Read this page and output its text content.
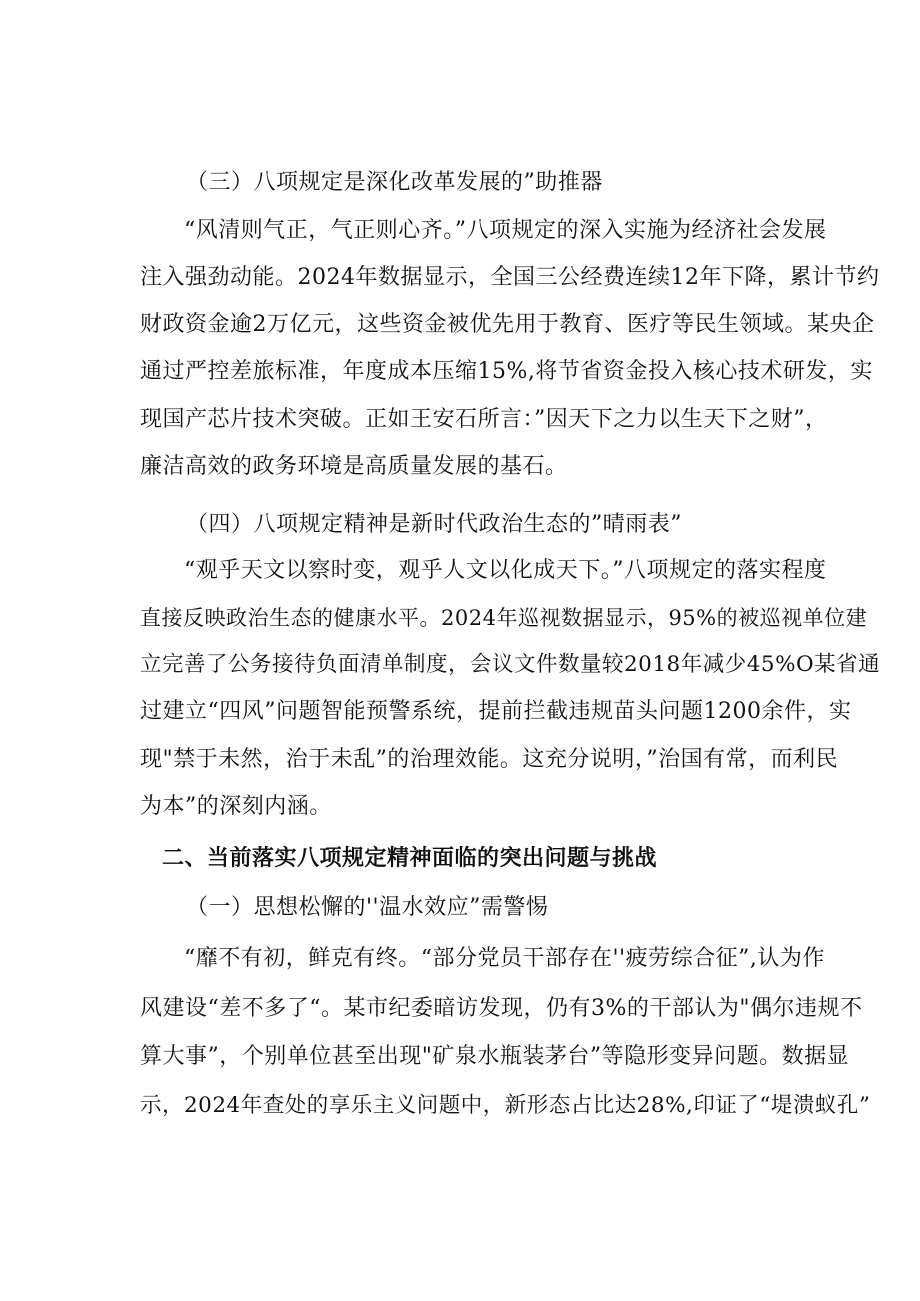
（三）八项规定是深化改革发展的”助推器
“风清则气正，气正则心齐。”八项规定的深入实施为经济社会发展
注入强劲动能。2024年数据显示，全国三公经费连续12年下降，累计节约
财政资金逾2万亿元，这些资金被优先用于教育、医疗等民生领域。某央企
通过严控差旅标准，年度成本压缩15%,将节省资金投入核心技术研发，实
现国产芯片技术突破。正如王安石所言：”因天下之力以生天下之财”，
廉洁高效的政务环境是高质量发展的基石。
（四）八项规定精神是新时代政治生态的”晴雨表”
“观乎天文以察时变，观乎人文以化成天下。”八项规定的落实程度
直接反映政治生态的健康水平。2024年巡视数据显示，95%的被巡视单位建
立完善了公务接待负面清单制度，会议文件数量较2018年减少45%O某省通
过建立“四风”问题智能预警系统，提前拦截违规苗头问题1200余件，实
现"禁于未然，治于未乱”的治理效能。这充分说明，”治国有常，而利民
为本”的深刻内涵。
二、当前落实八项规定精神面临的突出问题与挑战
（一）思想松懈的''温水效应”需警惕
“靡不有初，鲜克有终。“部分党员干部存在''疲劳综合征”,认为作
风建设“差不多了“。某市纪委暗访发现，仍有3%的干部认为"偶尔违规不
算大事”，个别单位甚至出现"矿泉水瓶装茅台”等隐形变异问题。数据显
示，2024年查处的享乐主义问题中，新形态占比达28%,印证了“堤溃蚁孔”
